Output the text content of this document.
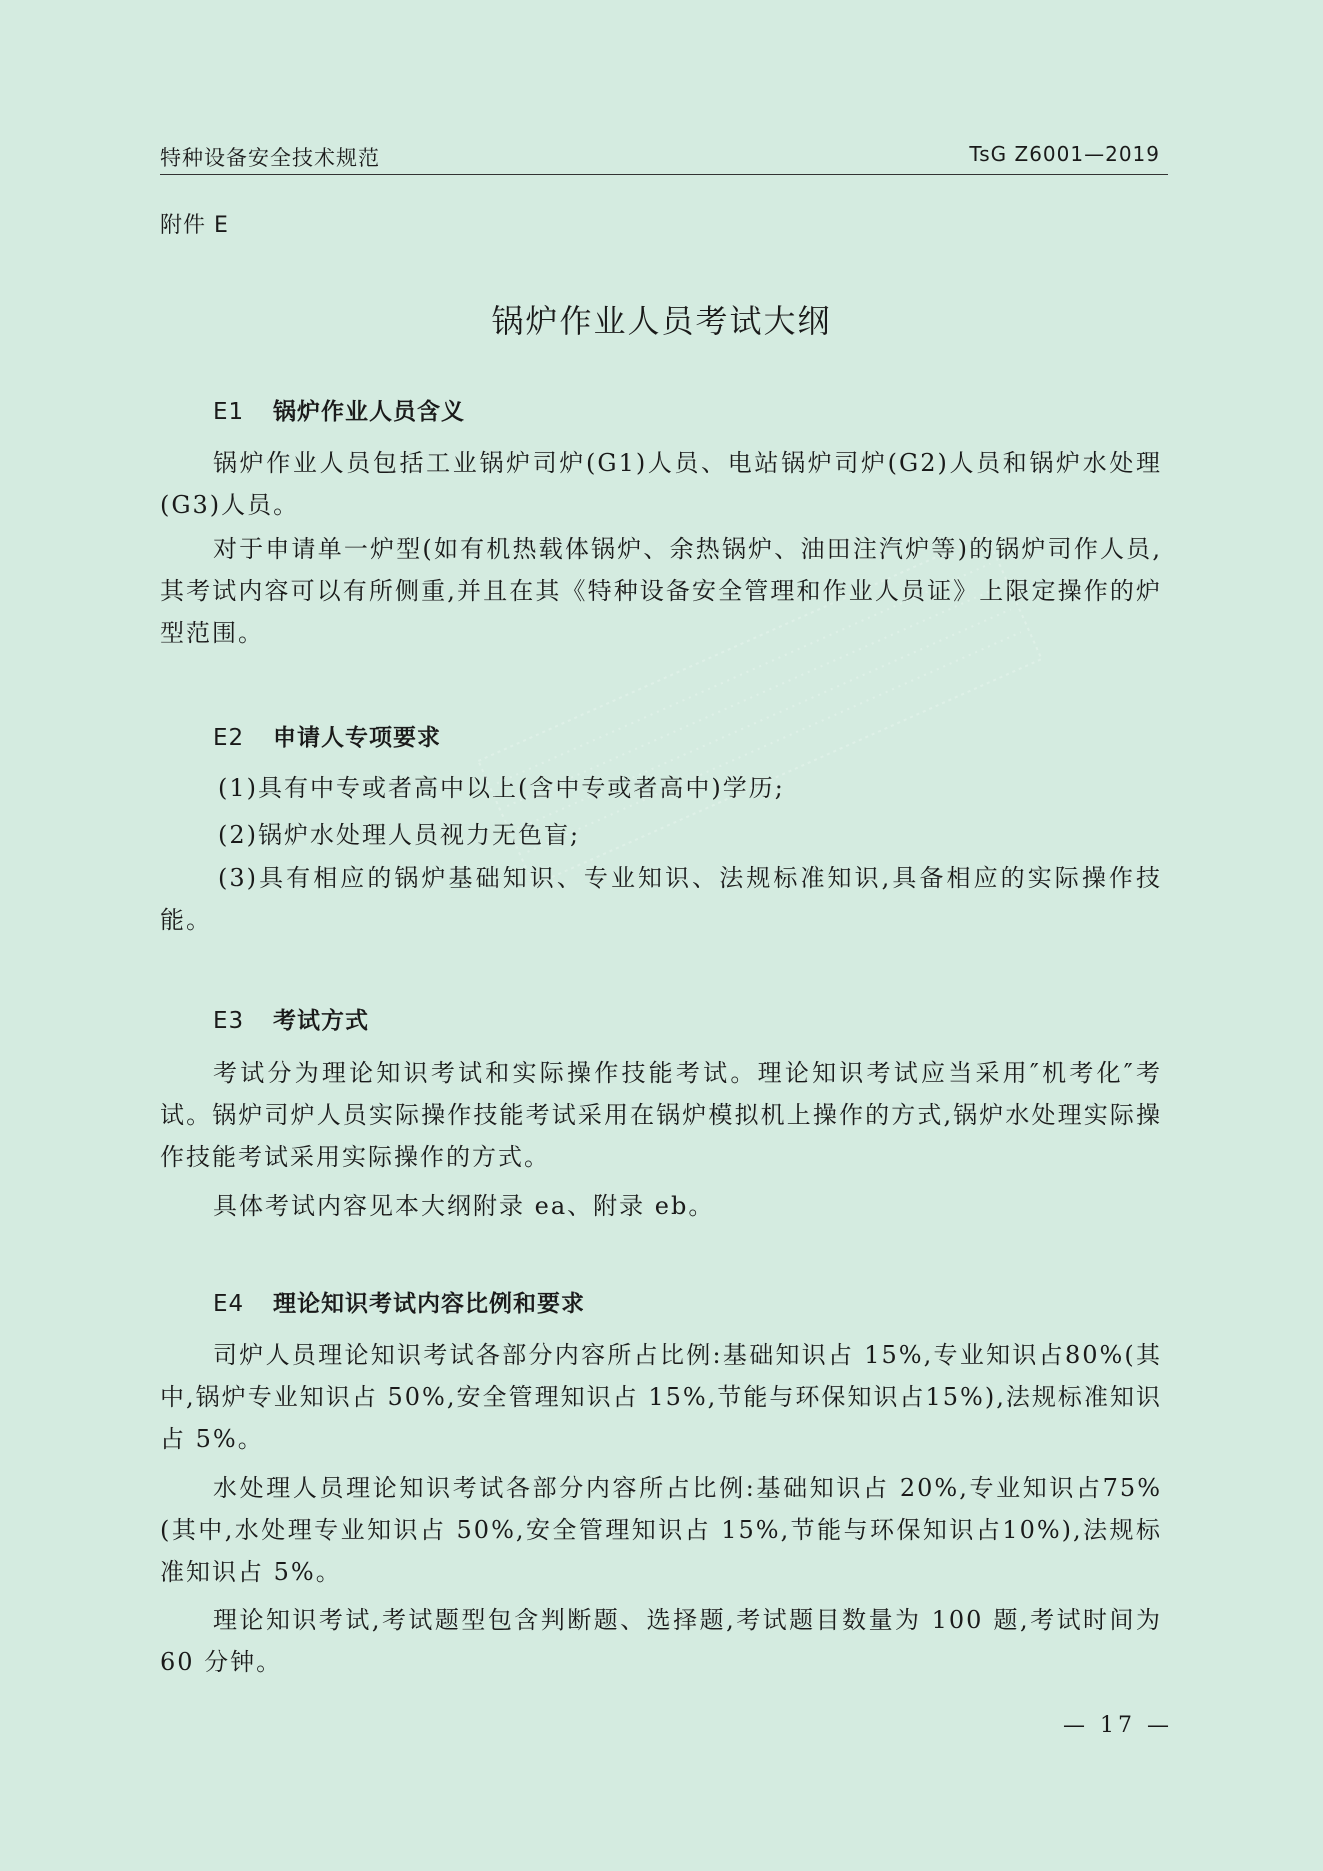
特种设备安全技术规范	TsG Z6001—2019
附件 E
锅炉作业人员考试大纲
E1 锅炉作业人员含义

锅炉作业人员包括工业锅炉司炉(G1)人员、电站锅炉司炉(G2)人员和锅炉水处理(G3)人员。

对于申请单一炉型(如有机热载体锅炉、余热锅炉、油田注汽炉等)的锅炉司作人员,其考试内容可以有所侧重,并且在其《特种设备安全管理和作业人员证》上限定操作的炉型范围。

E2 申请人专项要求

(1)具有中专或者高中以上(含中专或者高中)学历;

(2)锅炉水处理人员视力无色盲;

(3)具有相应的锅炉基础知识、专业知识、法规标准知识,具备相应的实际操作技能。

E3 考试方式

考试分为理论知识考试和实际操作技能考试。理论知识考试应当采用″机考化″考试。锅炉司炉人员实际操作技能考试采用在锅炉模拟机上操作的方式,锅炉水处理实际操作技能考试采用实际操作的方式。

具体考试内容见本大纲附录 ea、附录 eb。

E4 理论知识考试内容比例和要求

司炉人员理论知识考试各部分内容所占比例:基础知识占 15%,专业知识占80%(其中,锅炉专业知识占 50%,安全管理知识占 15%,节能与环保知识占15%),法规标准知识占 5%。

水处理人员理论知识考试各部分内容所占比例:基础知识占 20%,专业知识占75%(其中,水处理专业知识占 50%,安全管理知识占 15%,节能与环保知识占10%),法规标准知识占 5%。

理论知识考试,考试题型包含判断题、选择题,考试题目数量为 100 题,考试时间为 60 分钟。

— 17 —
